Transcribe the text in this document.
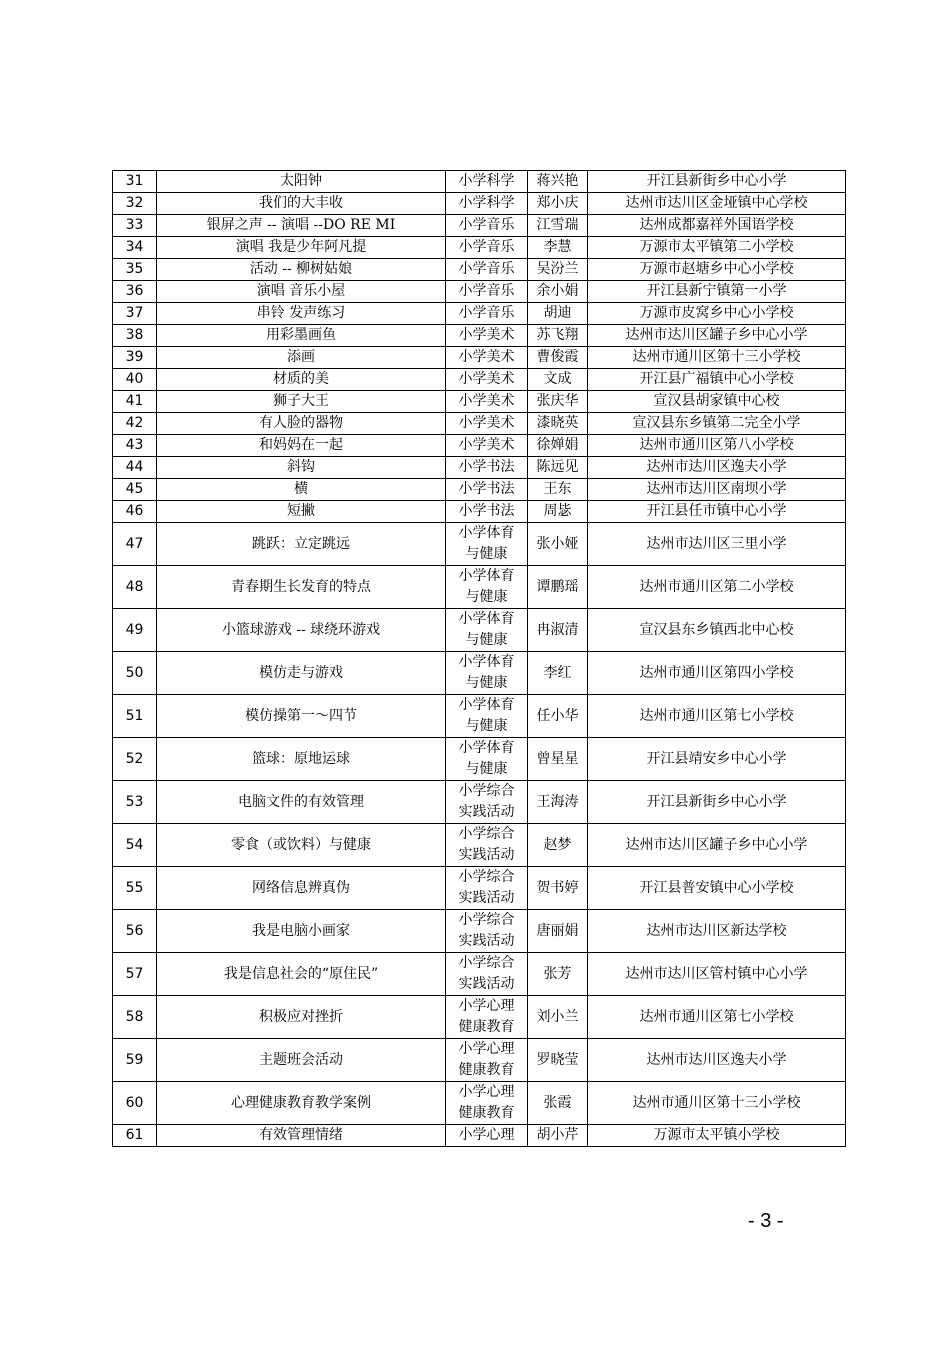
31	太阳钟	小学科学	蒋兴艳	开江县新街乡中心小学
32	我们的大丰收	小学科学	郑小庆	达州市达川区金垭镇中心学校
33	银屏之声 -- 演唱 --DO RE MI	小学音乐	江雪瑞	达州成都嘉祥外国语学校
34	演唱 我是少年阿凡提	小学音乐	李慧	万源市太平镇第二小学校
35	活动 -- 柳树姑娘	小学音乐	吴汾兰	万源市赵塘乡中心小学校
36	演唱 音乐小屋	小学音乐	余小娟	开江县新宁镇第一小学
37	串铃 发声练习	小学音乐	胡迪	万源市皮窝乡中心小学校
38	用彩墨画鱼	小学美术	苏飞翔	达州市达川区罐子乡中心小学
39	添画	小学美术	曹俊霞	达州市通川区第十三小学校
40	材质的美	小学美术	文成	开江县广福镇中心小学校
41	狮子大王	小学美术	张庆华	宣汉县胡家镇中心校
42	有人脸的器物	小学美术	漆晓英	宣汉县东乡镇第二完全小学
43	和妈妈在一起	小学美术	徐婵娟	达州市通川区第八小学校
44	斜钩	小学书法	陈远见	达州市达川区逸夫小学
45	横	小学书法	王东	达州市达川区南坝小学
46	短撇	小学书法	周毖	开江县任市镇中心小学
47	跳跃：立定跳远	小学体育
与健康	张小娅	达州市达川区三里小学
48	青春期生长发育的特点	小学体育
与健康	谭鹏瑶	达州市通川区第二小学校
49	小篮球游戏 -- 球绕环游戏	小学体育
与健康	冉淑清	宣汉县东乡镇西北中心校
50	模仿走与游戏	小学体育
与健康	李红	达州市通川区第四小学校
51	模仿操第一～四节	小学体育
与健康	任小华	达州市通川区第七小学校
52	篮球：原地运球	小学体育
与健康	曾星星	开江县靖安乡中心小学
53	电脑文件的有效管理	小学综合
实践活动	王海涛	开江县新街乡中心小学
54	零食（或饮料）与健康	小学综合
实践活动	赵梦	达州市达川区罐子乡中心小学
55	网络信息辨真伪	小学综合
实践活动	贺书婷	开江县普安镇中心小学校
56	我是电脑小画家	小学综合
实践活动	唐丽娟	达州市达川区新达学校
57	我是信息社会的“原住民”	小学综合
实践活动	张芳	达州市达川区管村镇中心小学
58	积极应对挫折	小学心理
健康教育	刘小兰	达州市通川区第七小学校
59	主题班会活动	小学心理
健康教育	罗晓莹	达州市达川区逸夫小学
60	心理健康教育教学案例	小学心理
健康教育	张霞	达州市通川区第十三小学校
61	有效管理情绪	小学心理	胡小芹	万源市太平镇小学校
- 3 -
